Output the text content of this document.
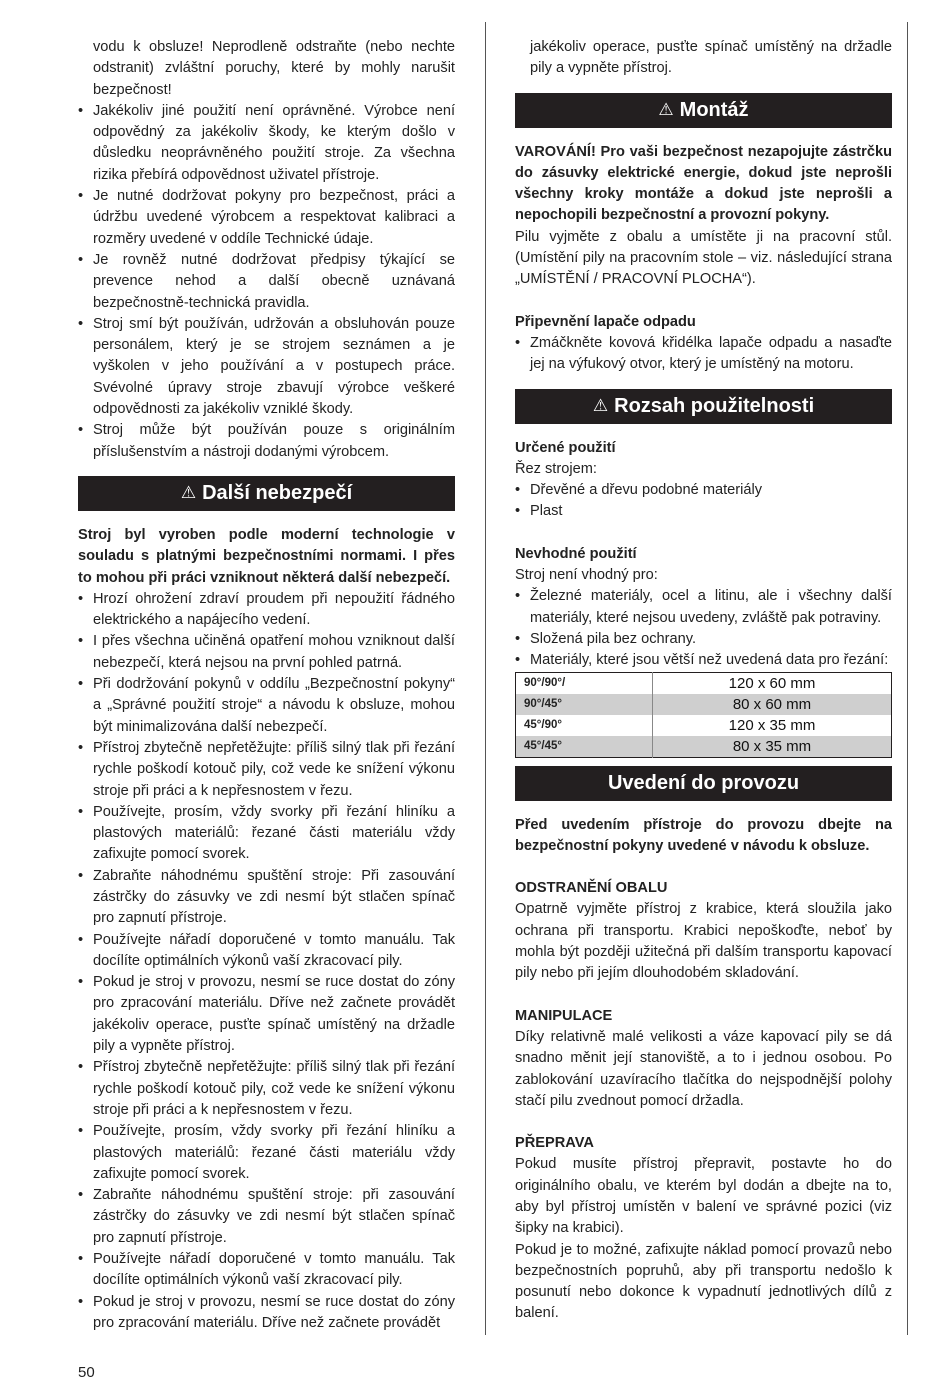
vodu k obsluze! Neprodleně odstraňte (nebo nechte odstranit) zvláštní poruchy, které by mohly narušit bezpečnost!
• Jakékoliv jiné použití není oprávněné. Výrobce není odpovědný za jakékoliv škody, ke kterým došlo v důsledku neoprávněného použití stroje. Za všechna rizika přebírá odpovědnost uživatel přístroje.
• Je nutné dodržovat pokyny pro bezpečnost, práci a údržbu uvedené výrobcem a respektovat kalibraci a rozměry uvedené v oddíle Technické údaje.
• Je rovněž nutné dodržovat předpisy týkající se prevence nehod a další obecně uznávaná bezpečnostně-technická pravidla.
• Stroj smí být používán, udržován a obsluhován pouze personálem, který je se strojem seznámen a je vyškolen v jeho používání a v postupech práce. Svévolné úpravy stroje zbavují výrobce veškeré odpovědnosti za jakékoliv vzniklé škody.
• Stroj může být používán pouze s originálním příslušenstvím a nástroji dodanými výrobcem.
⚠ Další nebezpečí

Stroj byl vyroben podle moderní technologie v souladu s platnými bezpečnostními normami. I přes to mohou při práci vzniknout některá další nebezpečí.

• Hrozí ohrožení zdraví proudem při nepoužití řádného elektrického a napájecího vedení.
• I přes všechna učiněná opatření mohou vzniknout další nebezpečí, která nejsou na první pohled patrná.
• Při dodržování pokynů v oddílu „Bezpečnostní pokyny“ a „Správné použití stroje“ a návodu k obsluze, mohou být minimalizována další nebezpečí.
• Přístroj zbytečně nepřetěžujte: příliš silný tlak při řezání rychle poškodí kotouč pily, což vede ke snížení výkonu stroje při práci a k nepřesnostem v řezu.
• Používejte, prosím, vždy svorky při řezání hliníku a plastových materiálů: řezané části materiálu vždy zafixujte pomocí svorek.
• Zabraňte náhodnému spuštění stroje: Při zasouvání zástrčky do zásuvky ve zdi nesmí být stlačen spínač pro zapnutí přístroje.
• Používejte nářadí doporučené v tomto manuálu. Tak docílíte optimálních výkonů vaší zkracovací pily.
• Pokud je stroj v provozu, nesmí se ruce dostat do zóny pro zpracování materiálu. Dříve než začnete provádět jakékoliv operace, pusťte spínač umístěný na držadle pily a vypněte přístroj.
• Přístroj zbytečně nepřetěžujte: příliš silný tlak při řezání rychle poškodí kotouč pily, což vede ke snížení výkonu stroje při práci a k nepřesnostem v řezu.
• Používejte, prosím, vždy svorky při řezání hliníku a plastových materiálů: řezané části materiálu vždy zafixujte pomocí svorek.
• Zabraňte náhodnému spuštění stroje: při zasouvání zástrčky do zásuvky ve zdi nesmí být stlačen spínač pro zapnutí přístroje.
• Používejte nářadí doporučené v tomto manuálu. Tak docílíte optimálních výkonů vaší zkracovací pily.
• Pokud je stroj v provozu, nesmí se ruce dostat do zóny pro zpracování materiálu. Dříve než začnete provádět
jakékoliv operace, pusťte spínač umístěný na držadle pily a vypněte přístroj.
⚠ Montáž

VAROVÁNÍ! Pro vaši bezpečnost nezapojujte zástrčku do zásuvky elektrické energie, dokud jste neprošli všechny kroky montáže a dokud jste neprošli a nepochopili bezpečnostní a provozní pokyny.

Pilu vyjměte z obalu a umístěte ji na pracovní stůl. (Umístění pily na pracovním stole – viz. následující strana „UMÍSTĚNÍ / PRACOVNÍ PLOCHA“).

Připevnění lapače odpadu

• Zmáčkněte kovová křidélka lapače odpadu a nasaďte jej na výfukový otvor, který je umístěný na motoru.
⚠ Rozsah použitelnosti

Určené použití

Řez strojem:

• Dřevěné a dřevu podobné materiály
• Plast

Nevhodné použití

Stroj není vhodný pro:

• Železné materiály, ocel a litinu, ale i všechny další materiály, které nejsou uvedeny, zvláště pak potraviny.
• Složená pila bez ochrany.
• Materiály, které jsou větší než uvedená data pro řezání:
90°/90°/	120 x 60 mm
90°/45°	80 x 60 mm
45°/90°	120 x 35 mm
45°/45°	80 x 35 mm
Uvedení do provozu

Před uvedením přístroje do provozu dbejte na bezpečnostní pokyny uvedené v návodu k obsluze.

ODSTRANĚNÍ OBALU

Opatrně vyjměte přístroj z krabice, která sloužila jako ochrana při transportu. Krabici nepoškoďte, neboť by mohla být později užitečná při dalším transportu kapovací pily nebo při jejím dlouhodobém skladování.

MANIPULACE

Díky relativně malé velikosti a váze kapovací pily se dá snadno měnit její stanoviště, a to i jednou osobou. Po zablokování uzavíracího tlačítka do nejspodnější polohy stačí pilu zvednout pomocí držadla.

PŘEPRAVA

Pokud musíte přístroj přepravit, postavte ho do originálního obalu, ve kterém byl dodán a dbejte na to, aby byl přístroj umístěn v balení ve správné pozici (viz šipky na krabici).

Pokud je to možné, zafixujte náklad pomocí provazů nebo bezpečnostních popruhů, aby při transportu nedošlo k posunutí nebo dokonce k vypadnutí jednotlivých dílů z balení.

50
